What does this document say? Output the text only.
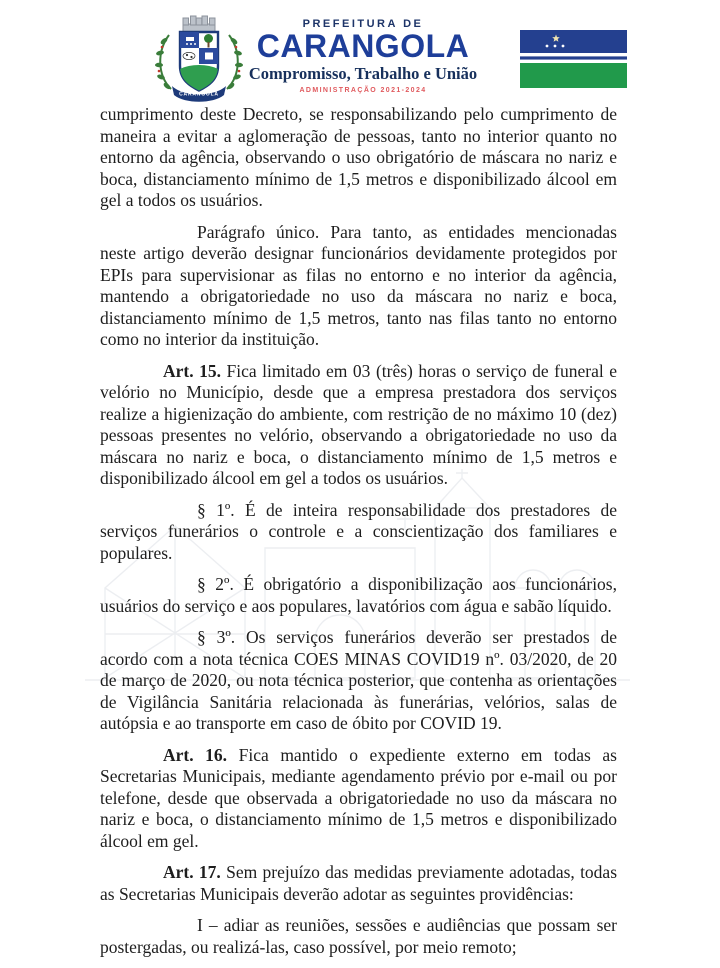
CARANGOLA
PREFEITURA DE
CARANGOLA
Compromisso, Trabalho e União
ADMINISTRAÇÃO 2021-2024

cumprimento deste Decreto, se responsabilizando pelo cumprimento de maneira a evitar a aglomeração de pessoas, tanto no interior quanto no entorno da agência, observando o uso obrigatório de máscara no nariz e boca, distanciamento mínimo de 1,5 metros e disponibilizado álcool em gel a todos os usuários.

Parágrafo único. Para tanto, as entidades mencionadas neste artigo deverão designar funcionários devidamente protegidos por EPIs para supervisionar as filas no entorno e no interior da agência, mantendo a obrigatoriedade no uso da máscara no nariz e boca, distanciamento mínimo de 1,5 metros, tanto nas filas tanto no entorno como no interior da instituição.

Art. 15. Fica limitado em 03 (três) horas o serviço de funeral e velório no Município, desde que a empresa prestadora dos serviços realize a higienização do ambiente, com restrição de no máximo 10 (dez) pessoas presentes no velório, observando a obrigatoriedade no uso da máscara no nariz e boca, o distanciamento mínimo de 1,5 metros e disponibilizado álcool em gel a todos os usuários.

§ 1º. É de inteira responsabilidade dos prestadores de serviços funerários o controle e a conscientização dos familiares e populares.

§ 2º. É obrigatório a disponibilização aos funcionários, usuários do serviço e aos populares, lavatórios com água e sabão líquido.

§ 3º. Os serviços funerários deverão ser prestados de acordo com a nota técnica COES MINAS COVID19 nº. 03/2020, de 20 de março de 2020, ou nota técnica posterior, que contenha as orientações de Vigilância Sanitária relacionada às funerárias, velórios, salas de autópsia e ao transporte em caso de óbito por COVID 19.

Art. 16. Fica mantido o expediente externo em todas as Secretarias Municipais, mediante agendamento prévio por e-mail ou por telefone, desde que observada a obrigatoriedade no uso da máscara no nariz e boca, o distanciamento mínimo de 1,5 metros e disponibilizado álcool em gel.

Art. 17. Sem prejuízo das medidas previamente adotadas, todas as Secretarias Municipais deverão adotar as seguintes providências:

I – adiar as reuniões, sessões e audiências que possam ser postergadas, ou realizá-las, caso possível, por meio remoto;
